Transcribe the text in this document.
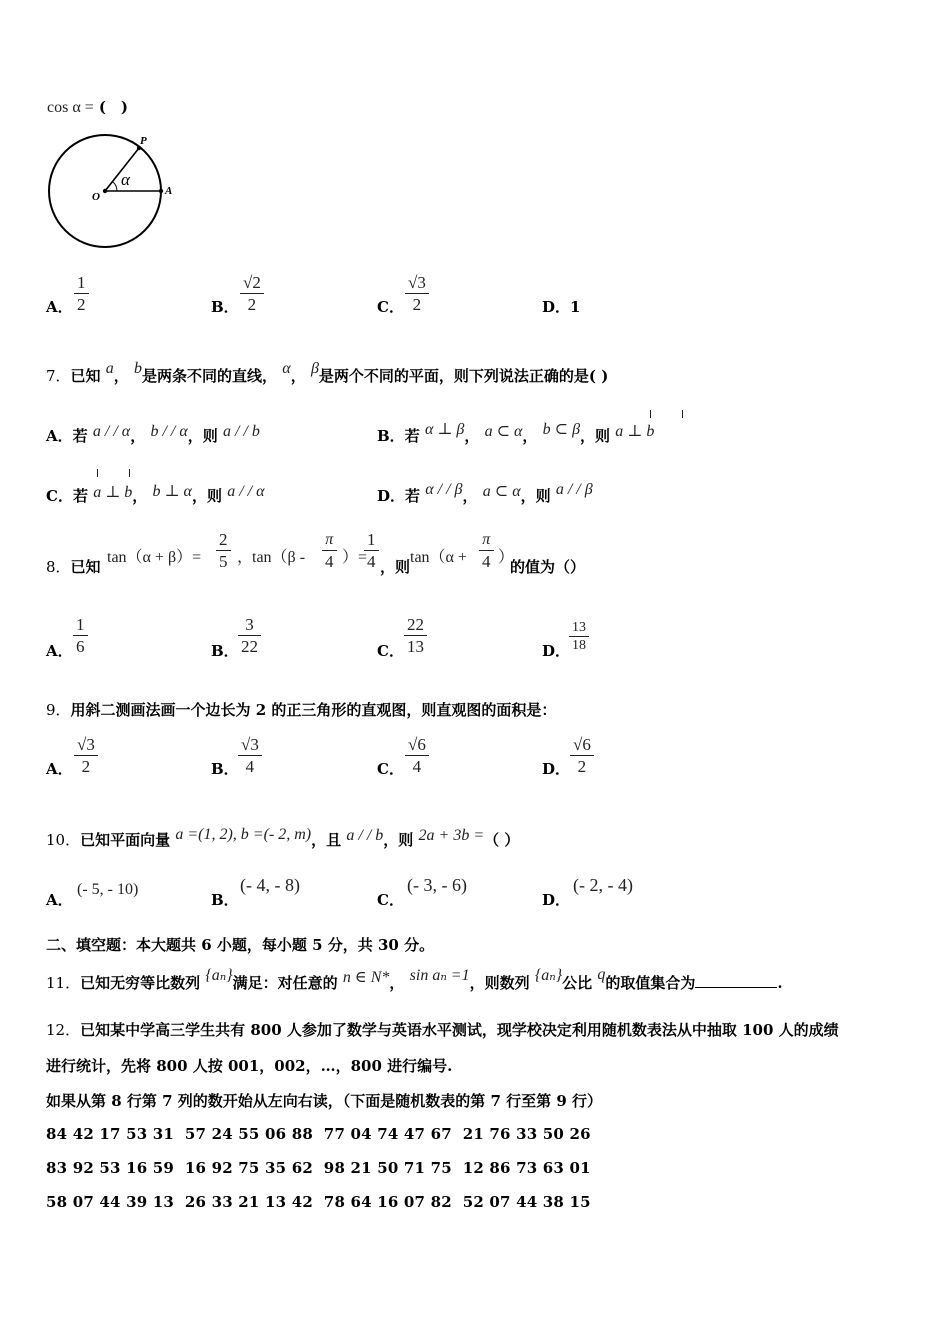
cos α = (　)
P
O	A
α
A．
1
2	B．
√2
2	C．
√3
2	D．1
7．已知 a， b是两条不同的直线， α， β是两个不同的平面，则下列说法正确的是( )
A．若 a / / α， b / / α，则 a / / b	B．若 α ⊥ β， a ⊂ α， b ⊂ β，则 a ⊥ b
C．若 a ⊥ b， b ⊥ α，则 a / / α	D．若 α / / β， a ⊂ α，则 a / / β
8．已知
tan（α + β）=
2
5 ，
tan（β -
π
4 ）=
1
4 ，则
tan（α +
π
4 ）
的值为（）
A．
1
6	B．
3
22	C．
22
13	D．
13
18
9．用斜二测画法画一个边长为 2 的正三角形的直观图，则直观图的面积是：
A．
√3
2	B．
√3
4	C．
√6
4	D．
√6
2
10．已知平面向量 a =(1, 2), b =(- 2, m)，且 a / / b，则 2a + 3b =（ ）
A．
(- 5, - 10)
B．
(- 4, - 8)
C．
(- 3, - 6)
D．
(- 2, - 4)
二、填空题：本大题共 6 小题，每小题 5 分，共 30 分。
11．已知无穷等比数列 {aₙ}满足：对任意的 n ∈ N*， sin aₙ =1，则数列 {aₙ}公比 q的取值集合为	.
12．已知某中学高三学生共有 800 人参加了数学与英语水平测试，现学校决定利用随机数表法从中抽取 100 人的成绩
进行统计，先将 800 人按 001，002，…，800 进行编号.
如果从第 8 行第 7 列的数开始从左向右读，（下面是随机数表的第 7 行至第 9 行）
84 42 17 53 31  57 24 55 06 88  77 04 74 47 67  21 76 33 50 26
83 92 53 16 59  16 92 75 35 62  98 21 50 71 75  12 86 73 63 01
58 07 44 39 13  26 33 21 13 42  78 64 16 07 82  52 07 44 38 15
